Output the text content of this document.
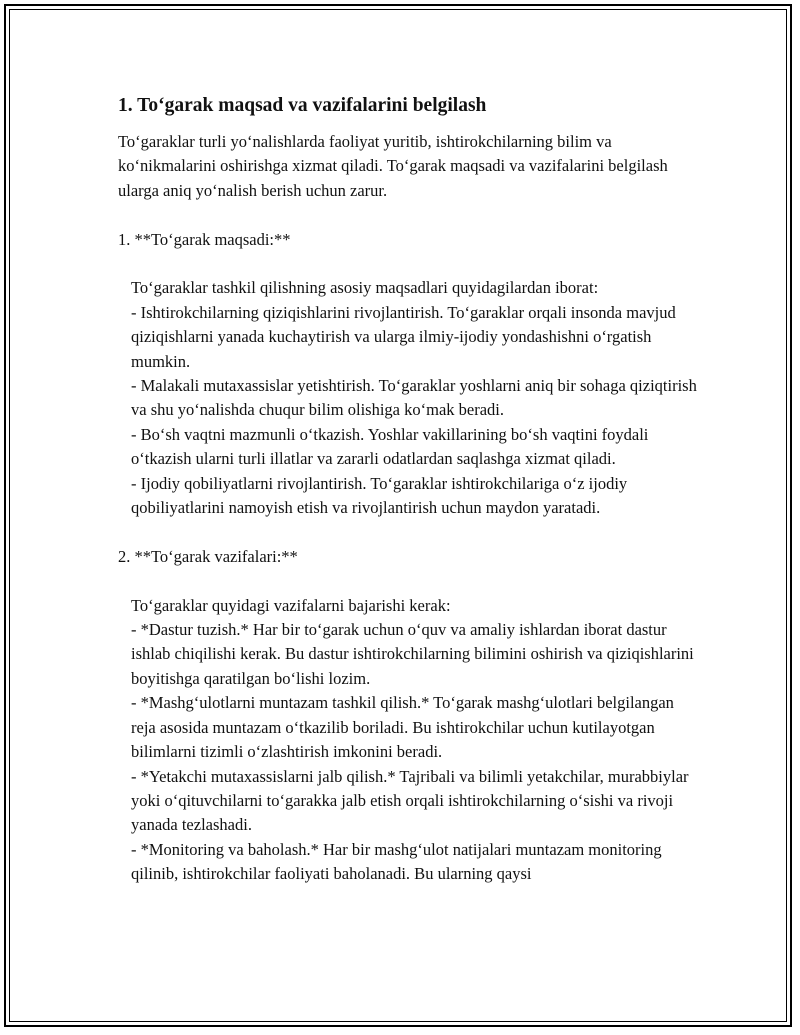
1. To‘garak maqsad va vazifalarini belgilash

To‘garaklar turli yo‘nalishlarda faoliyat yuritib, ishtirokchilarning bilim va ko‘nikmalarini oshirishga xizmat qiladi. To‘garak maqsadi va vazifalarini belgilash ularga aniq yo‘nalish berish uchun zarur.

1. **To‘garak maqsadi:**

To‘garaklar tashkil qilishning asosiy maqsadlari quyidagilardan iborat:

- Ishtirokchilarning qiziqishlarini rivojlantirish. To‘garaklar orqali insonda mavjud qiziqishlarni yanada kuchaytirish va ularga ilmiy-ijodiy yondashishni o‘rgatish mumkin.

- Malakali mutaxassislar yetishtirish. To‘garaklar yoshlarni aniq bir sohaga qiziqtirish va shu yo‘nalishda chuqur bilim olishiga ko‘mak beradi.

- Bo‘sh vaqtni mazmunli o‘tkazish. Yoshlar vakillarining bo‘sh vaqtini foydali o‘tkazish ularni turli illatlar va zararli odatlardan saqlashga xizmat qiladi.

- Ijodiy qobiliyatlarni rivojlantirish. To‘garaklar ishtirokchilariga o‘z ijodiy qobiliyatlarini namoyish etish va rivojlantirish uchun maydon yaratadi.

2. **To‘garak vazifalari:**

To‘garaklar quyidagi vazifalarni bajarishi kerak:

- *Dastur tuzish.* Har bir to‘garak uchun o‘quv va amaliy ishlardan iborat dastur ishlab chiqilishi kerak. Bu dastur ishtirokchilarning bilimini oshirish va qiziqishlarini boyitishga qaratilgan bo‘lishi lozim.

- *Mashg‘ulotlarni muntazam tashkil qilish.* To‘garak mashg‘ulotlari belgilangan reja asosida muntazam o‘tkazilib boriladi. Bu ishtirokchilar uchun kutilayotgan bilimlarni tizimli o‘zlashtirish imkonini beradi.

- *Yetakchi mutaxassislarni jalb qilish.* Tajribali va bilimli yetakchilar, murabbiylar yoki o‘qituvchilarni to‘garakka jalb etish orqali ishtirokchilarning o‘sishi va rivoji yanada tezlashadi.

- *Monitoring va baholash.* Har bir mashg‘ulot natijalari muntazam monitoring qilinib, ishtirokchilar faoliyati baholanadi. Bu ularning qaysi
